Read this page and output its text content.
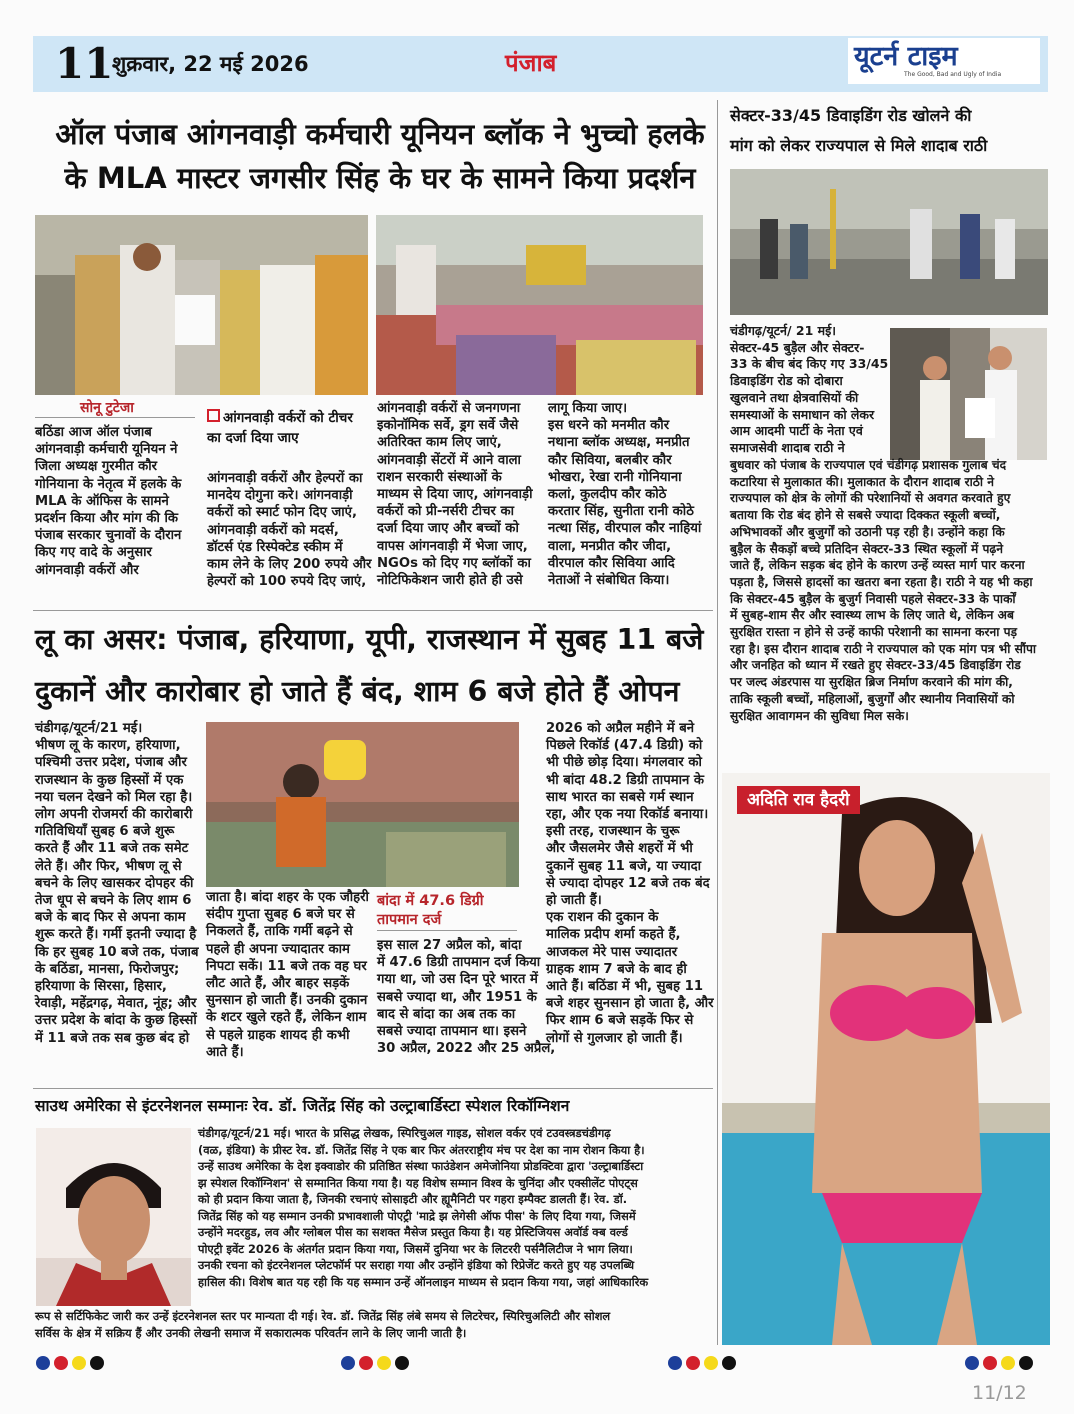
11
शुक्रवार, 22 मई 2026	पंजाब	यूटर्न टाइम
The Good, Bad and Ugly of India
ऑल पंजाब आंगनवाड़ी कर्मचारी यूनियन ब्लॉक ने भुच्चो हलके
के MLA मास्टर जगसीर सिंह के घर के सामने किया प्रदर्शन
सोनू टुटेजा
बठिंडा आज ऑल पंजाब
आंगनवाड़ी कर्मचारी यूनियन ने
जिला अध्यक्ष गुरमीत कौर
गोनियाना के नेतृत्व में हलके के
MLA के ऑफिस के सामने
प्रदर्शन किया और मांग की कि
पंजाब सरकार चुनावों के दौरान
किए गए वादे के अनुसार
आंगनवाड़ी वर्करों और
आंगनवाड़ी वर्करों को टीचर का दर्जा दिया जाए
आंगनवाड़ी वर्करों और हेल्परों का
मानदेय दोगुना करे। आंगनवाड़ी
वर्करों को स्मार्ट फोन दिए जाएं,
आंगनवाड़ी वर्करों को मदर्स,
डॉटर्स एंड रिस्पेक्टेड स्कीम में
काम लेने के लिए 200 रुपये और
हेल्परों को 100 रुपये दिए जाएं,
आंगनवाड़ी वर्करों से जनगणना
इकोनॉमिक सर्वे, ड्रग सर्वे जैसे
अतिरिक्त काम लिए जाएं,
आंगनवाड़ी सेंटरों में आने वाला
राशन सरकारी संस्थाओं के
माध्यम से दिया जाए, आंगनवाड़ी
वर्करों को प्री-नर्सरी टीचर का
दर्जा दिया जाए और बच्चों को
वापस आंगनवाड़ी में भेजा जाए,
NGOs को दिए गए ब्लॉकों का
नोटिफिकेशन जारी होते ही उसे
लागू किया जाए।
इस धरने को मनमीत कौर
नथाना ब्लॉक अध्यक्ष, मनप्रीत
कौर सिविया, बलबीर कौर
भोखरा, रेखा रानी गोनियाना
कलां, कुलदीप कौर कोठे
करतार सिंह, सुनीता रानी कोठे
नत्था सिंह, वीरपाल कौर नाहियां
वाला, मनप्रीत कौर जीदा,
वीरपाल कौर सिविया आदि
नेताओं ने संबोधित किया।
लू का असर: पंजाब, हरियाणा, यूपी, राजस्थान में सुबह 11 बजे
दुकानें और कारोबार हो जाते हैं बंद, शाम 6 बजे होते हैं ओपन
चंडीगढ़/यूटर्न/21 मई।
भीषण लू के कारण, हरियाणा,
पश्चिमी उत्तर प्रदेश, पंजाब और
राजस्थान के कुछ हिस्सों में एक
नया चलन देखने को मिल रहा है।
लोग अपनी रोजमर्रा की कारोबारी
गतिविधियाँ सुबह 6 बजे शुरू
करते हैं और 11 बजे तक समेट
लेते हैं। और फिर, भीषण लू से
बचने के लिए खासकर दोपहर की
तेज धूप से बचने के लिए शाम 6
बजे के बाद फिर से अपना काम
शुरू करते हैं। गर्मी इतनी ज्यादा है
कि हर सुबह 10 बजे तक, पंजाब
के बठिंडा, मानसा, फिरोजपुर;
हरियाणा के सिरसा, हिसार,
रेवाड़ी, महेंद्रगढ़, मेवात, नूंह; और
उत्तर प्रदेश के बांदा के कुछ हिस्सों
में 11 बजे तक सब कुछ बंद हो
जाता है। बांदा शहर के एक जौहरी
संदीप गुप्ता सुबह 6 बजे घर से
निकलते हैं, ताकि गर्मी बढ़ने से
पहले ही अपना ज्यादातर काम
निपटा सकें। 11 बजे तक वह घर
लौट आते हैं, और बाहर सड़कें
सुनसान हो जाती हैं। उनकी दुकान
के शटर खुले रहते हैं, लेकिन शाम
से पहले ग्राहक शायद ही कभी
आते हैं।
बांदा में 47.6 डिग्री तापमान दर्ज
इस साल 27 अप्रैल को, बांदा
में 47.6 डिग्री तापमान दर्ज किया
गया था, जो उस दिन पूरे भारत में
सबसे ज्यादा था, और 1951 के
बाद से बांदा का अब तक का
सबसे ज्यादा तापमान था। इसने
30 अप्रैल, 2022 और 25 अप्रैल,
2026 को अप्रैल महीने में बने
पिछले रिकॉर्ड (47.4 डिग्री) को
भी पीछे छोड़ दिया। मंगलवार को
भी बांदा 48.2 डिग्री तापमान के
साथ भारत का सबसे गर्म स्थान
रहा, और एक नया रिकॉर्ड बनाया।
इसी तरह, राजस्थान के चुरू
और जैसलमेर जैसे शहरों में भी
दुकानें सुबह 11 बजे, या ज्यादा
से ज्यादा दोपहर 12 बजे तक बंद
हो जाती हैं।
एक राशन की दुकान के
मालिक प्रदीप शर्मा कहते हैं,
आजकल मेरे पास ज्यादातर
ग्राहक शाम 7 बजे के बाद ही
आते हैं। बठिंडा में भी, सुबह 11
बजे शहर सुनसान हो जाता है, और
फिर शाम 6 बजे सड़कें फिर से
लोगों से गुलजार हो जाती हैं।
साउथ अमेरिका से इंटरनेशनल सम्मानः रेव. डॉ. जितेंद्र सिंह को उल्ट्राबार्डिस्टा स्पेशल रिकॉग्निशन
चंडीगढ़/यूटर्न/21 मई। भारत के प्रसिद्ध लेखक, स्पिरिचुअल गाइड, सोशल वर्कर एवं टउवस्त्रडचंडीगढ़
(वळ, इंडिया) के प्रीस्ट रेव. डॉ. जितेंद्र सिंह ने एक बार फिर अंतरराष्ट्रीय मंच पर देश का नाम रोशन किया है।
उन्हें साउथ अमेरिका के देश इक्वाडोर की प्रतिष्ठित संस्था फाउंडेशन अमेजोनिया प्रोडक्टिवा द्वारा 'उल्ट्राबार्डिस्टा
झ स्पेशल रिकॉग्निशन' से सम्मानित किया गया है। यह विशेष सम्मान विश्व के चुनिंदा और एक्सीलेंट पोएट्स
को ही प्रदान किया जाता है, जिनकी रचनाएं सोसाइटी और ह्यूमैनिटी पर गहरा इम्पैक्ट डालती हैं। रेव. डॉ.
जितेंद्र सिंह को यह सम्मान उनकी प्रभावशाली पोएट्री 'माद्रे झ लेगेसी ऑफ पीस' के लिए दिया गया, जिसमें
उन्होंने मदरहुड, लव और ग्लोबल पीस का सशक्त मैसेज प्रस्तुत किया है। यह प्रेस्टिजियस अवॉर्ड क्ब वर्ल्ड
पोएट्री इवेंट 2026 के अंतर्गत प्रदान किया गया, जिसमें दुनिया भर के लिटररी पर्सनैलिटीज ने भाग लिया।
उनकी रचना को इंटरनेशनल प्लेटफॉर्म पर सराहा गया और उन्होंने इंडिया को रिप्रेजेंट करते हुए यह उपलब्धि
हासिल की। विशेष बात यह रही कि यह सम्मान उन्हें ऑनलाइन माध्यम से प्रदान किया गया, जहां आधिकारिक
रूप से सर्टिफिकेट जारी कर उन्हें इंटरनेशनल स्तर पर मान्यता दी गई। रेव. डॉ. जितेंद्र सिंह लंबे समय से लिटरेचर, स्पिरिचुअलिटी और सोशल
सर्विस के क्षेत्र में सक्रिय हैं और उनकी लेखनी समाज में सकारात्मक परिवर्तन लाने के लिए जानी जाती है।
सेक्टर-33/45 डिवाइडिंग रोड खोलने की
मांग को लेकर राज्यपाल से मिले शादाब राठी
चंडीगढ़/यूटर्न/ 21 मई।
सेक्टर-45 बुड़ैल और सेक्टर-
33 के बीच बंद किए गए 33/45
डिवाइडिंग रोड को दोबारा
खुलवाने तथा क्षेत्रवासियों की
समस्याओं के समाधान को लेकर
आम आदमी पार्टी के नेता एवं
समाजसेवी शादाब राठी ने
बुधवार को पंजाब के राज्यपाल एवं चंडीगढ़ प्रशासक गुलाब चंद
कटारिया से मुलाकात की। मुलाकात के दौरान शादाब राठी ने
राज्यपाल को क्षेत्र के लोगों की परेशानियों से अवगत करवाते हुए
बताया कि रोड बंद होने से सबसे ज्यादा दिक्कत स्कूली बच्चों,
अभिभावकों और बुजुर्गों को उठानी पड़ रही है। उन्होंने कहा कि
बुड़ैल के सैकड़ों बच्चे प्रतिदिन सेक्टर-33 स्थित स्कूलों में पढ़ने
जाते हैं, लेकिन सड़क बंद होने के कारण उन्हें व्यस्त मार्ग पार करना
पड़ता है, जिससे हादसों का खतरा बना रहता है। राठी ने यह भी कहा
कि सेक्टर-45 बुड़ैल के बुजुर्ग निवासी पहले सेक्टर-33 के पार्कों
में सुबह-शाम सैर और स्वास्थ्य लाभ के लिए जाते थे, लेकिन अब
सुरक्षित रास्ता न होने से उन्हें काफी परेशानी का सामना करना पड़
रहा है। इस दौरान शादाब राठी ने राज्यपाल को एक मांग पत्र भी सौंपा
और जनहित को ध्यान में रखते हुए सेक्टर-33/45 डिवाइडिंग रोड
पर जल्द अंडरपास या सुरक्षित ब्रिज निर्माण करवाने की मांग की,
ताकि स्कूली बच्चों, महिलाओं, बुजुर्गों और स्थानीय निवासियों को
सुरक्षित आवागमन की सुविधा मिल सके।
अदिति राव हैदरी
11/12
